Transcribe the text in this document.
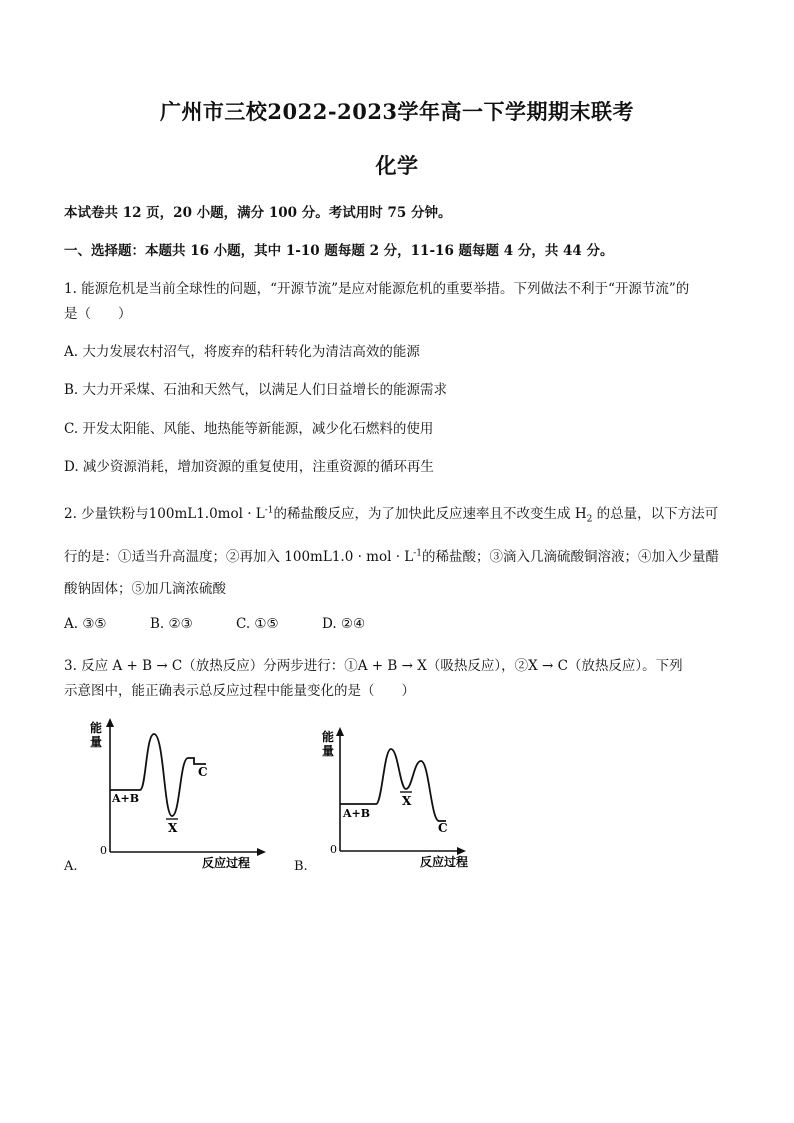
广州市三校2022-2023学年高一下学期期末联考
化学
本试卷共 12 页，20 小题，满分 100 分。考试用时 75 分钟。
一、选择题：本题共 16 小题，其中 1-10 题每题 2 分，11-16 题每题 4 分，共 44 分。
1. 能源危机是当前全球性的问题，“开源节流”是应对能源危机的重要举措。下列做法不利于“开源节流”的
是（　　）
A. 大力发展农村沼气，将废弃的秸秆转化为清洁高效的能源
B. 大力开采煤、石油和天然气，以满足人们日益增长的能源需求
C. 开发太阳能、风能、地热能等新能源，减少化石燃料的使用
D. 减少资源消耗，增加资源的重复使用，注重资源的循环再生
2. 少量铁粉与$100mL1.0mol \cdot L^{-1}$的稀盐酸反应，为了加快此反应速率且不改变生成 $H_2$ 的总量，以下方法可
行的是：①适当升高温度；②再加入 100mL1.0 · mol · $L^{-1}$的稀盐酸；③滴入几滴硫酸铜溶液；④加入少量醋
酸钠固体；⑤加几滴浓硫酸
A. ③⑤	B. ②③	C. ①⑤	D. ②④
3. 反应 A + B → C（放热反应）分两步进行：①A + B → X（吸热反应），②X → C（放热反应）。下列
示意图中，能正确表示总反应过程中能量变化的是（　　）
能
量
0
A+B
X
C
反应过程
A.
能
量
0
A+B
X
C
反应过程
B.
